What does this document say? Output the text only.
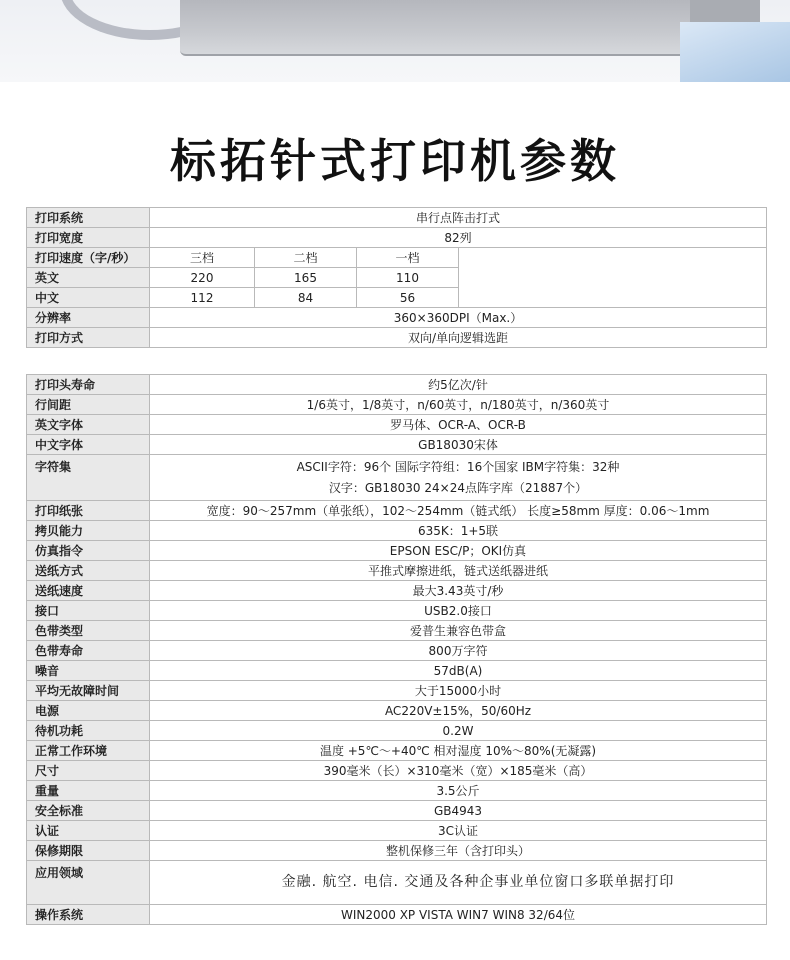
标拓针式打印机参数
打印系统	串行点阵击打式			
打印宽度	82列			
打印速度（字/秒）	三档	二档	一档	
英文	220	165	110	
中文	112	84	56	
分辨率	360×360DPI（Max.）			
打印方式	双向/单向逻辑选距			
打印头寿命	约5亿次/针
行间距	1/6英寸，1/8英寸，n/60英寸，n/180英寸，n/360英寸
英文字体	罗马体、OCR-A、OCR-B
中文字体	GB18030宋体
字符集	ASCII字符：96个 国际字符组：16个国家 IBM字符集：32种
汉字：GB18030 24×24点阵字库（21887个）

打印纸张	宽度：90～257mm（单张纸），102～254mm（链式纸） 长度≥58mm 厚度：0.06～1mm
拷贝能力	635K：1+5联
仿真指令	EPSON ESC/P；OKI仿真
送纸方式	平推式摩擦进纸，链式送纸器进纸
送纸速度	最大3.43英寸/秒
接口	USB2.0接口
色带类型	爱普生兼容色带盒
色带寿命	800万字符
噪音	57dB(A)
平均无故障时间	大于15000小时
电源	AC220V±15%，50/60Hz
待机功耗	0.2W
正常工作环境	温度 +5℃～+40℃ 相对湿度 10%～80%(无凝露)
尺寸	390毫米（长）×310毫米（宽）×185毫米（高）
重量	3.5公斤
安全标准	GB4943
认证	3C认证
保修期限	整机保修三年（含打印头）
应用领域	金融. 航空. 电信. 交通及各种企事业单位窗口多联单据打印

操作系统	WIN2000 XP VISTA WIN7 WIN8 32/64位
